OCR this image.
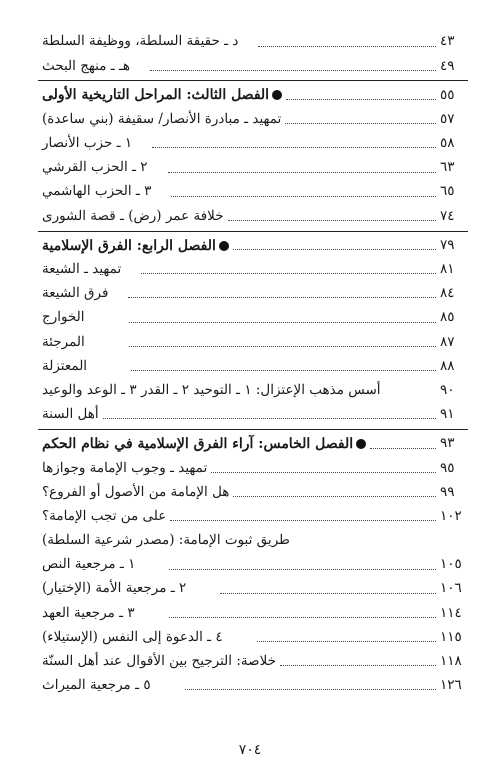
د ـ حقيقة السلطة، ووظيفة السلطة	٤٣
هـ ـ منهج البحث	٤٩
الفصل الثالث: المراحل التاريخية الأولى	٥٥
تمهيد ـ مبادرة الأنصار/ سقيفة (بني ساعدة)	٥٧
١ ـ حزب الأنصار	٥٨
٢ ـ الحزب القرشي	٦٣
٣ ـ الحزب الهاشمي	٦٥
خلافة عمر (رض) ـ قصة الشورى	٧٤
الفصل الرابع: الفرق الإسلامية	٧٩
تمهيد ـ الشيعة	٨١
فرق الشيعة	٨٤
الخوارج	٨٥
المرجئة	٨٧
المعتزلة	٨٨
أسس مذهب الإعتزال: ١ ـ التوحيد ٢ ـ القدر ٣ ـ الوعد والوعيد	٩٠
أهل السنة	٩١
الفصل الخامس: آراء الفرق الإسلامية في نظام الحكم	٩٣
تمهيد ـ وجوب الإمامة وجوازها	٩٥
هل الإمامة من الأصول أو الفروع؟	٩٩
على من تجب الإمامة؟	١٠٢
طريق ثبوت الإمامة: (مصدر شرعية السلطة)
١ ـ مرجعية النص	١٠٥
٢ ـ مرجعية الأمة (الإختيار)	١٠٦
٣ ـ مرجعية العهد	١١٤
٤ ـ الدعوة إلى النفس (الإستيلاء)	١١٥
خلاصة: الترجيح بين الأقوال عند أهل السنّة	١١٨
٥ ـ مرجعية الميراث	١٢٦
٧٠٤
